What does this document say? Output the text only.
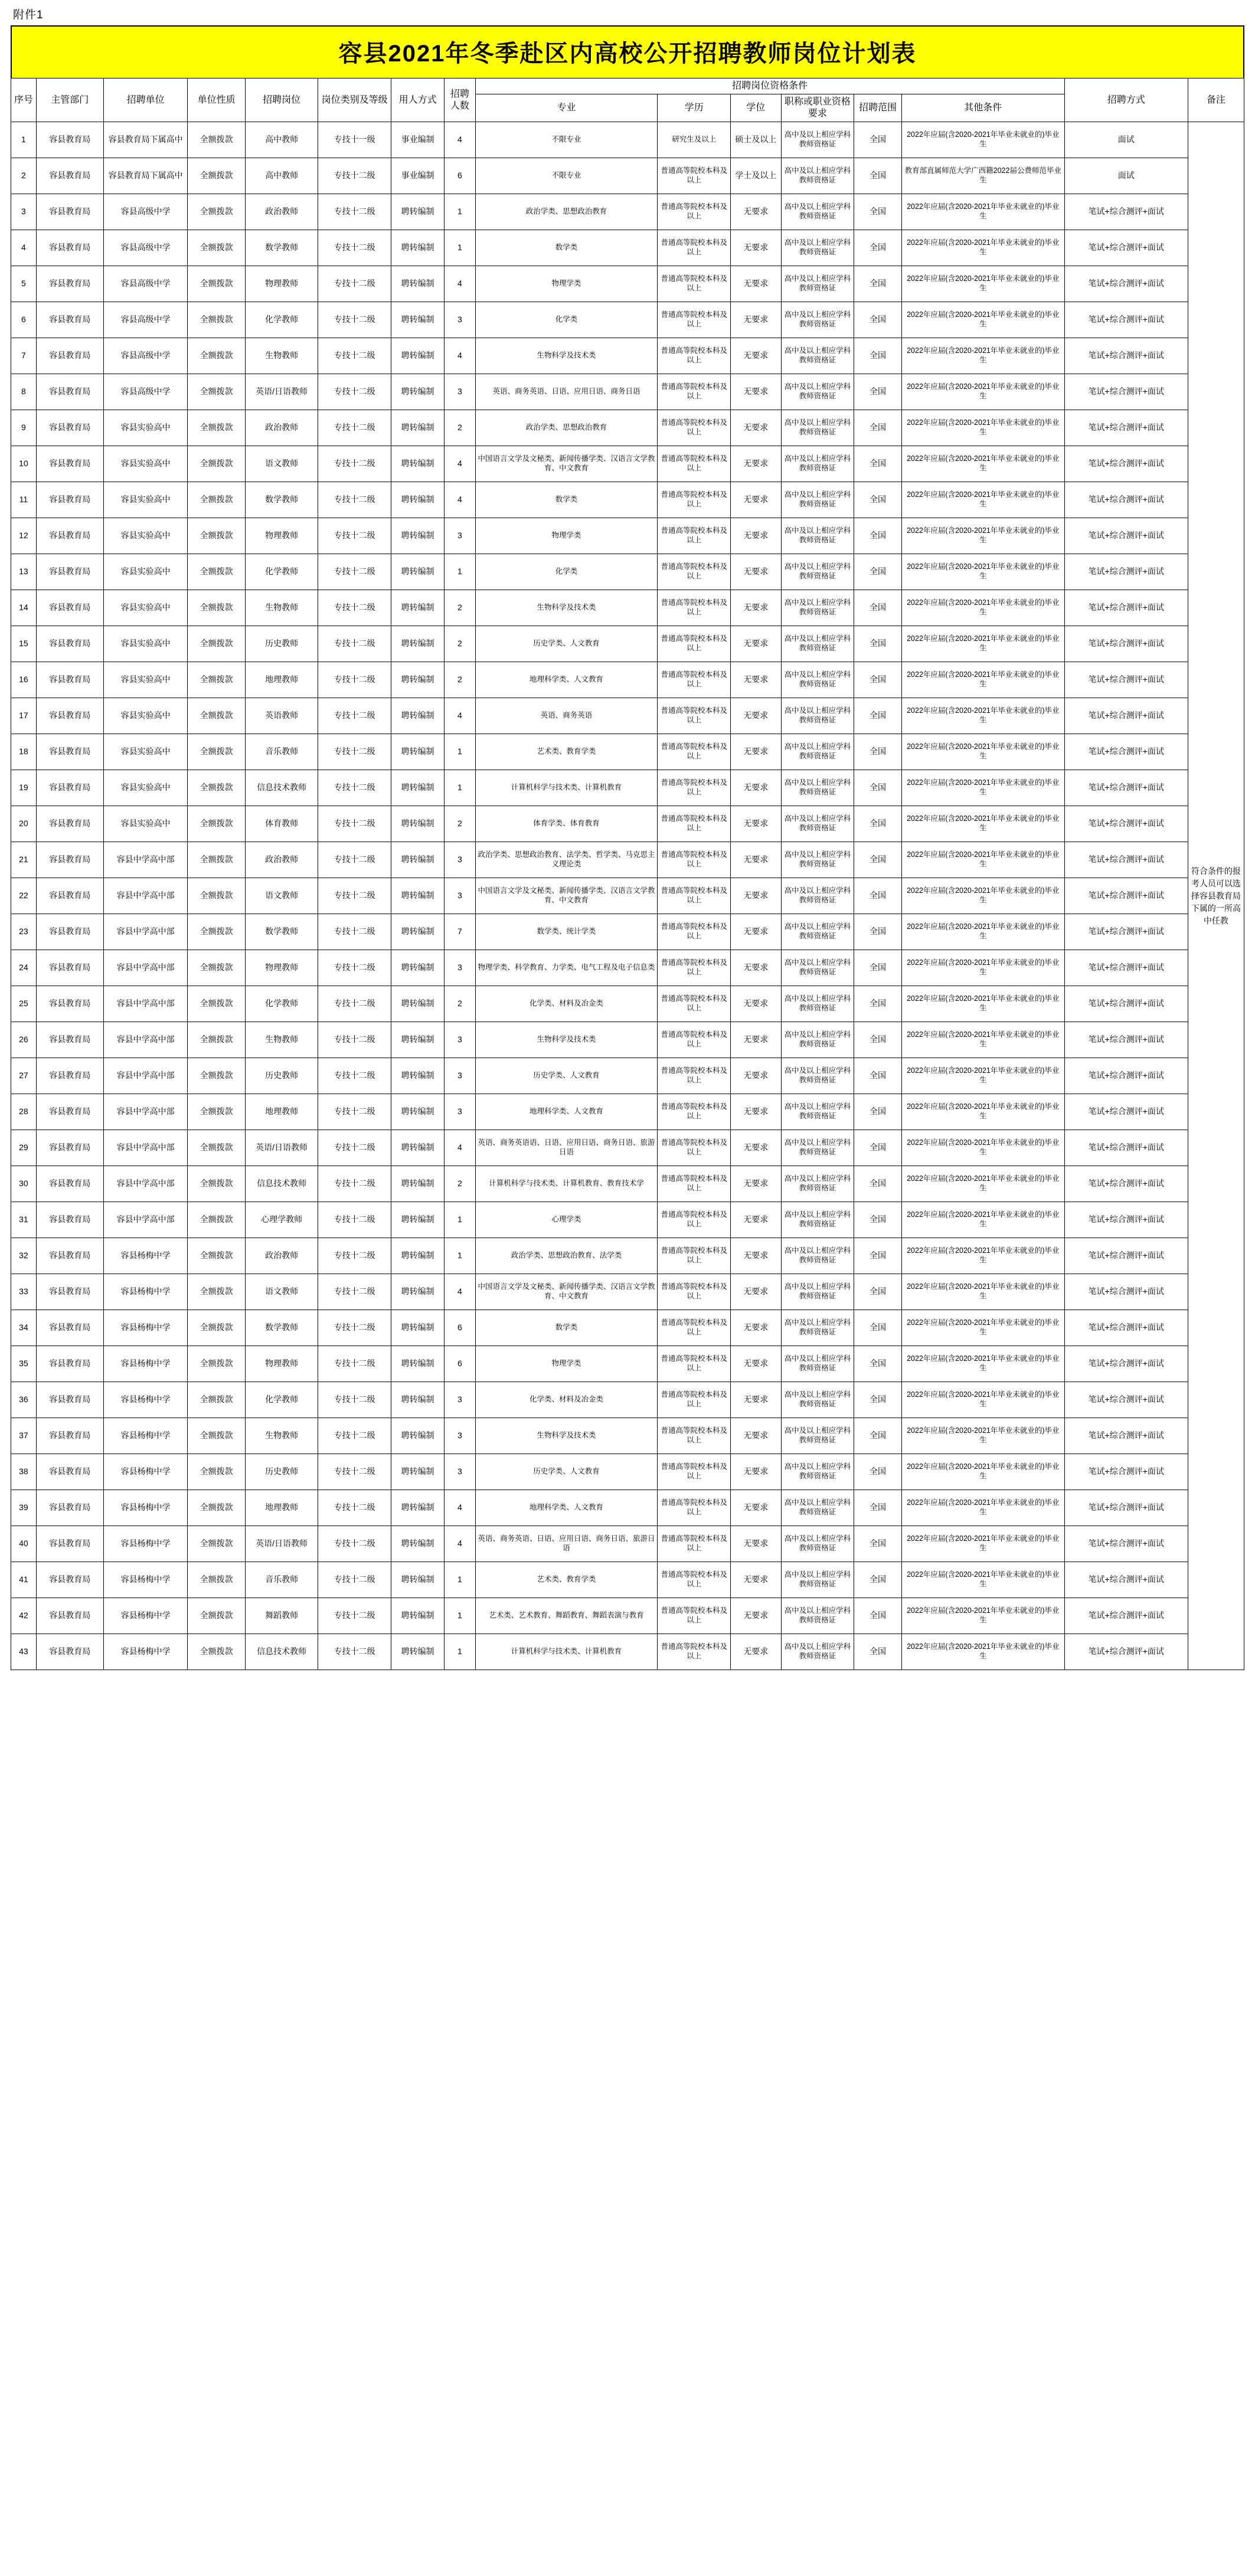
附件1
容县2021年冬季赴区内高校公开招聘教师岗位计划表
序号	主管部门	招聘单位	单位性质	招聘岗位	岗位类别及等级	用人方式	招聘人数	招聘岗位资格条件						招聘方式	备注
								专业	学历	学位	职称或职业资格要求	招聘范围	其他条件		
1	容县教育局	容县教育局下属高中	全额拨款	高中教师	专技十一级	事业编制	4	不限专业	研究生及以上	硕士及以上	高中及以上相应学科教师资格证	全国	2022年应届(含2020-2021年毕业未就业的)毕业生	面试	符合条件的报考人员可以选择容县教育局下属的一所高中任教
2	容县教育局	容县教育局下属高中	全额拨款	高中教师	专技十二级	事业编制	6	不限专业	普通高等院校本科及以上	学士及以上	高中及以上相应学科教师资格证	全国	教育部直属师范大学广西籍2022届公费师范毕业生	面试	
3	容县教育局	容县高级中学	全额拨款	政治教师	专技十二级	聘转编制	1	政治学类、思想政治教育	普通高等院校本科及以上	无要求	高中及以上相应学科教师资格证	全国	2022年应届(含2020-2021年毕业未就业的)毕业生	笔试+综合测评+面试	
4	容县教育局	容县高级中学	全额拨款	数学教师	专技十二级	聘转编制	1	数学类	普通高等院校本科及以上	无要求	高中及以上相应学科教师资格证	全国	2022年应届(含2020-2021年毕业未就业的)毕业生	笔试+综合测评+面试	
5	容县教育局	容县高级中学	全额拨款	物理教师	专技十二级	聘转编制	4	物理学类	普通高等院校本科及以上	无要求	高中及以上相应学科教师资格证	全国	2022年应届(含2020-2021年毕业未就业的)毕业生	笔试+综合测评+面试	
6	容县教育局	容县高级中学	全额拨款	化学教师	专技十二级	聘转编制	3	化学类	普通高等院校本科及以上	无要求	高中及以上相应学科教师资格证	全国	2022年应届(含2020-2021年毕业未就业的)毕业生	笔试+综合测评+面试	
7	容县教育局	容县高级中学	全额拨款	生物教师	专技十二级	聘转编制	4	生物科学及技术类	普通高等院校本科及以上	无要求	高中及以上相应学科教师资格证	全国	2022年应届(含2020-2021年毕业未就业的)毕业生	笔试+综合测评+面试	
8	容县教育局	容县高级中学	全额拨款	英语/日语教师	专技十二级	聘转编制	3	英语、商务英语、日语、应用日语、商务日语	普通高等院校本科及以上	无要求	高中及以上相应学科教师资格证	全国	2022年应届(含2020-2021年毕业未就业的)毕业生	笔试+综合测评+面试	
9	容县教育局	容县实验高中	全额拨款	政治教师	专技十二级	聘转编制	2	政治学类、思想政治教育	普通高等院校本科及以上	无要求	高中及以上相应学科教师资格证	全国	2022年应届(含2020-2021年毕业未就业的)毕业生	笔试+综合测评+面试	
10	容县教育局	容县实验高中	全额拨款	语文教师	专技十二级	聘转编制	4	中国语言文学及文秘类、新闻传播学类、汉语言文学教育、中文教育	普通高等院校本科及以上	无要求	高中及以上相应学科教师资格证	全国	2022年应届(含2020-2021年毕业未就业的)毕业生	笔试+综合测评+面试	
11	容县教育局	容县实验高中	全额拨款	数学教师	专技十二级	聘转编制	4	数学类	普通高等院校本科及以上	无要求	高中及以上相应学科教师资格证	全国	2022年应届(含2020-2021年毕业未就业的)毕业生	笔试+综合测评+面试	
12	容县教育局	容县实验高中	全额拨款	物理教师	专技十二级	聘转编制	3	物理学类	普通高等院校本科及以上	无要求	高中及以上相应学科教师资格证	全国	2022年应届(含2020-2021年毕业未就业的)毕业生	笔试+综合测评+面试	
13	容县教育局	容县实验高中	全额拨款	化学教师	专技十二级	聘转编制	1	化学类	普通高等院校本科及以上	无要求	高中及以上相应学科教师资格证	全国	2022年应届(含2020-2021年毕业未就业的)毕业生	笔试+综合测评+面试	
14	容县教育局	容县实验高中	全额拨款	生物教师	专技十二级	聘转编制	2	生物科学及技术类	普通高等院校本科及以上	无要求	高中及以上相应学科教师资格证	全国	2022年应届(含2020-2021年毕业未就业的)毕业生	笔试+综合测评+面试	
15	容县教育局	容县实验高中	全额拨款	历史教师	专技十二级	聘转编制	2	历史学类、人文教育	普通高等院校本科及以上	无要求	高中及以上相应学科教师资格证	全国	2022年应届(含2020-2021年毕业未就业的)毕业生	笔试+综合测评+面试	
16	容县教育局	容县实验高中	全额拨款	地理教师	专技十二级	聘转编制	2	地理科学类、人文教育	普通高等院校本科及以上	无要求	高中及以上相应学科教师资格证	全国	2022年应届(含2020-2021年毕业未就业的)毕业生	笔试+综合测评+面试	
17	容县教育局	容县实验高中	全额拨款	英语教师	专技十二级	聘转编制	4	英语、商务英语	普通高等院校本科及以上	无要求	高中及以上相应学科教师资格证	全国	2022年应届(含2020-2021年毕业未就业的)毕业生	笔试+综合测评+面试	
18	容县教育局	容县实验高中	全额拨款	音乐教师	专技十二级	聘转编制	1	艺术类、教育学类	普通高等院校本科及以上	无要求	高中及以上相应学科教师资格证	全国	2022年应届(含2020-2021年毕业未就业的)毕业生	笔试+综合测评+面试	
19	容县教育局	容县实验高中	全额拨款	信息技术教师	专技十二级	聘转编制	1	计算机科学与技术类、计算机教育	普通高等院校本科及以上	无要求	高中及以上相应学科教师资格证	全国	2022年应届(含2020-2021年毕业未就业的)毕业生	笔试+综合测评+面试	
20	容县教育局	容县实验高中	全额拨款	体育教师	专技十二级	聘转编制	2	体育学类、体育教育	普通高等院校本科及以上	无要求	高中及以上相应学科教师资格证	全国	2022年应届(含2020-2021年毕业未就业的)毕业生	笔试+综合测评+面试	
21	容县教育局	容县中学高中部	全额拨款	政治教师	专技十二级	聘转编制	3	政治学类、思想政治教育、法学类、哲学类、马克思主义理论类	普通高等院校本科及以上	无要求	高中及以上相应学科教师资格证	全国	2022年应届(含2020-2021年毕业未就业的)毕业生	笔试+综合测评+面试	
22	容县教育局	容县中学高中部	全额拨款	语文教师	专技十二级	聘转编制	3	中国语言文学及文秘类、新闻传播学类、汉语言文学教育、中文教育	普通高等院校本科及以上	无要求	高中及以上相应学科教师资格证	全国	2022年应届(含2020-2021年毕业未就业的)毕业生	笔试+综合测评+面试	
23	容县教育局	容县中学高中部	全额拨款	数学教师	专技十二级	聘转编制	7	数学类、统计学类	普通高等院校本科及以上	无要求	高中及以上相应学科教师资格证	全国	2022年应届(含2020-2021年毕业未就业的)毕业生	笔试+综合测评+面试	
24	容县教育局	容县中学高中部	全额拨款	物理教师	专技十二级	聘转编制	3	物理学类、科学教育、力学类、电气工程及电子信息类	普通高等院校本科及以上	无要求	高中及以上相应学科教师资格证	全国	2022年应届(含2020-2021年毕业未就业的)毕业生	笔试+综合测评+面试	
25	容县教育局	容县中学高中部	全额拨款	化学教师	专技十二级	聘转编制	2	化学类、材料及冶金类	普通高等院校本科及以上	无要求	高中及以上相应学科教师资格证	全国	2022年应届(含2020-2021年毕业未就业的)毕业生	笔试+综合测评+面试	
26	容县教育局	容县中学高中部	全额拨款	生物教师	专技十二级	聘转编制	3	生物科学及技术类	普通高等院校本科及以上	无要求	高中及以上相应学科教师资格证	全国	2022年应届(含2020-2021年毕业未就业的)毕业生	笔试+综合测评+面试	
27	容县教育局	容县中学高中部	全额拨款	历史教师	专技十二级	聘转编制	3	历史学类、人文教育	普通高等院校本科及以上	无要求	高中及以上相应学科教师资格证	全国	2022年应届(含2020-2021年毕业未就业的)毕业生	笔试+综合测评+面试	
28	容县教育局	容县中学高中部	全额拨款	地理教师	专技十二级	聘转编制	3	地理科学类、人文教育	普通高等院校本科及以上	无要求	高中及以上相应学科教师资格证	全国	2022年应届(含2020-2021年毕业未就业的)毕业生	笔试+综合测评+面试	
29	容县教育局	容县中学高中部	全额拨款	英语/日语教师	专技十二级	聘转编制	4	英语、商务英语语、日语、应用日语、商务日语、旅游日语	普通高等院校本科及以上	无要求	高中及以上相应学科教师资格证	全国	2022年应届(含2020-2021年毕业未就业的)毕业生	笔试+综合测评+面试	
30	容县教育局	容县中学高中部	全额拨款	信息技术教师	专技十二级	聘转编制	2	计算机科学与技术类、计算机教育、教育技术学	普通高等院校本科及以上	无要求	高中及以上相应学科教师资格证	全国	2022年应届(含2020-2021年毕业未就业的)毕业生	笔试+综合测评+面试	
31	容县教育局	容县中学高中部	全额拨款	心理学教师	专技十二级	聘转编制	1	心理学类	普通高等院校本科及以上	无要求	高中及以上相应学科教师资格证	全国	2022年应届(含2020-2021年毕业未就业的)毕业生	笔试+综合测评+面试	
32	容县教育局	容县杨梅中学	全额拨款	政治教师	专技十二级	聘转编制	1	政治学类、思想政治教育、法学类	普通高等院校本科及以上	无要求	高中及以上相应学科教师资格证	全国	2022年应届(含2020-2021年毕业未就业的)毕业生	笔试+综合测评+面试	
33	容县教育局	容县杨梅中学	全额拨款	语文教师	专技十二级	聘转编制	4	中国语言文学及文秘类、新闻传播学类、汉语言文学教育、中文教育	普通高等院校本科及以上	无要求	高中及以上相应学科教师资格证	全国	2022年应届(含2020-2021年毕业未就业的)毕业生	笔试+综合测评+面试	
34	容县教育局	容县杨梅中学	全额拨款	数学教师	专技十二级	聘转编制	6	数学类	普通高等院校本科及以上	无要求	高中及以上相应学科教师资格证	全国	2022年应届(含2020-2021年毕业未就业的)毕业生	笔试+综合测评+面试	
35	容县教育局	容县杨梅中学	全额拨款	物理教师	专技十二级	聘转编制	6	物理学类	普通高等院校本科及以上	无要求	高中及以上相应学科教师资格证	全国	2022年应届(含2020-2021年毕业未就业的)毕业生	笔试+综合测评+面试	
36	容县教育局	容县杨梅中学	全额拨款	化学教师	专技十二级	聘转编制	3	化学类、材料及冶金类	普通高等院校本科及以上	无要求	高中及以上相应学科教师资格证	全国	2022年应届(含2020-2021年毕业未就业的)毕业生	笔试+综合测评+面试	
37	容县教育局	容县杨梅中学	全额拨款	生物教师	专技十二级	聘转编制	3	生物科学及技术类	普通高等院校本科及以上	无要求	高中及以上相应学科教师资格证	全国	2022年应届(含2020-2021年毕业未就业的)毕业生	笔试+综合测评+面试	
38	容县教育局	容县杨梅中学	全额拨款	历史教师	专技十二级	聘转编制	3	历史学类、人文教育	普通高等院校本科及以上	无要求	高中及以上相应学科教师资格证	全国	2022年应届(含2020-2021年毕业未就业的)毕业生	笔试+综合测评+面试	
39	容县教育局	容县杨梅中学	全额拨款	地理教师	专技十二级	聘转编制	4	地理科学类、人文教育	普通高等院校本科及以上	无要求	高中及以上相应学科教师资格证	全国	2022年应届(含2020-2021年毕业未就业的)毕业生	笔试+综合测评+面试	
40	容县教育局	容县杨梅中学	全额拨款	英语/日语教师	专技十二级	聘转编制	4	英语、商务英语、日语、应用日语、商务日语、旅游日语	普通高等院校本科及以上	无要求	高中及以上相应学科教师资格证	全国	2022年应届(含2020-2021年毕业未就业的)毕业生	笔试+综合测评+面试	
41	容县教育局	容县杨梅中学	全额拨款	音乐教师	专技十二级	聘转编制	1	艺术类、教育学类	普通高等院校本科及以上	无要求	高中及以上相应学科教师资格证	全国	2022年应届(含2020-2021年毕业未就业的)毕业生	笔试+综合测评+面试	
42	容县教育局	容县杨梅中学	全额拨款	舞蹈教师	专技十二级	聘转编制	1	艺术类、艺术教育、舞蹈教育、舞蹈表演与教育	普通高等院校本科及以上	无要求	高中及以上相应学科教师资格证	全国	2022年应届(含2020-2021年毕业未就业的)毕业生	笔试+综合测评+面试	
43	容县教育局	容县杨梅中学	全额拨款	信息技术教师	专技十二级	聘转编制	1	计算机科学与技术类、计算机教育	普通高等院校本科及以上	无要求	高中及以上相应学科教师资格证	全国	2022年应届(含2020-2021年毕业未就业的)毕业生	笔试+综合测评+面试	
